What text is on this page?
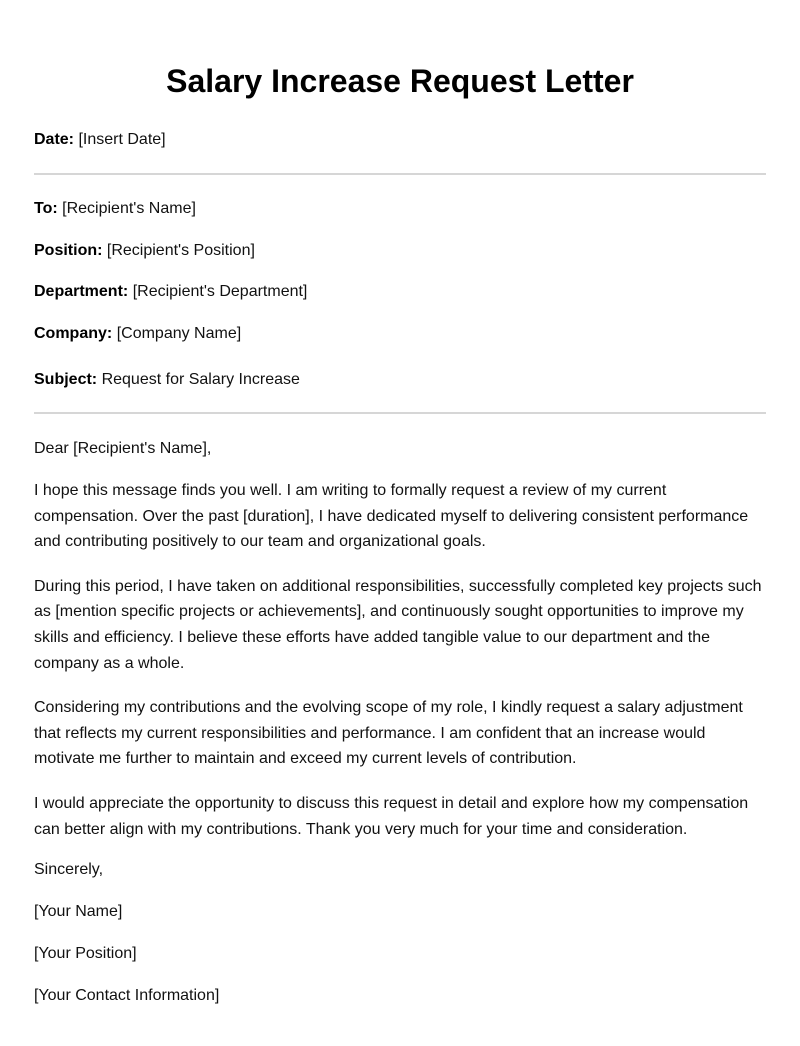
Salary Increase Request Letter

Date: [Insert Date]

To: [Recipient's Name]

Position: [Recipient's Position]

Department: [Recipient's Department]

Company: [Company Name]

Subject: Request for Salary Increase

Dear [Recipient's Name],

I hope this message finds you well. I am writing to formally request a review of my current compensation. Over the past [duration], I have dedicated myself to delivering consistent performance and contributing positively to our team and organizational goals.

During this period, I have taken on additional responsibilities, successfully completed key projects such as [mention specific projects or achievements], and continuously sought opportunities to improve my skills and efficiency. I believe these efforts have added tangible value to our department and the company as a whole.

Considering my contributions and the evolving scope of my role, I kindly request a salary adjustment that reflects my current responsibilities and performance. I am confident that an increase would motivate me further to maintain and exceed my current levels of contribution.

I would appreciate the opportunity to discuss this request in detail and explore how my compensation can better align with my contributions. Thank you very much for your time and consideration.

Sincerely,

[Your Name]

[Your Position]

[Your Contact Information]
